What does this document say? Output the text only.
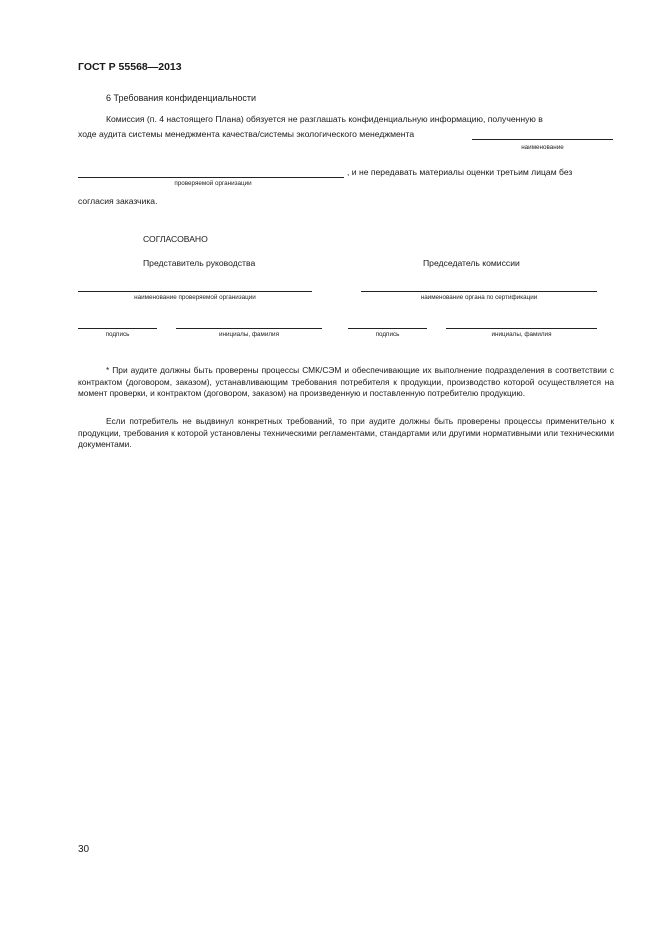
ГОСТ Р 55568—2013
6 Требования конфиденциальности
Комиссия (п. 4 настоящего Плана) обязуется не разглашать конфиденциальную информацию, полученную в
ходе аудита системы менеджмента качества/системы экологического менеджмента
наименование
, и не передавать материалы оценки третьим лицам без
проверяемой организации
согласия заказчика.
СОГЛАСОВАНО
Представитель руководства	Председатель комиссии
наименование проверяемой организации	наименование органа по сертификации
подпись	инициалы, фамилия	подпись	инициалы, фамилия
* При аудите должны быть проверены процессы СМК/СЭМ и обеспечивающие их выполнение подразделения в соответствии с контрактом (договором, заказом), устанавливающим требования потребителя к продукции, производство которой осуществляется на момент проверки, и контрактом (договором, заказом) на произведенную и поставленную потребителю продукцию.
Если потребитель не выдвинул конкретных требований, то при аудите должны быть проверены процессы применительно к продукции, требования к которой установлены техническими регламентами, стандартами или другими нормативными или техническими документами.
30
